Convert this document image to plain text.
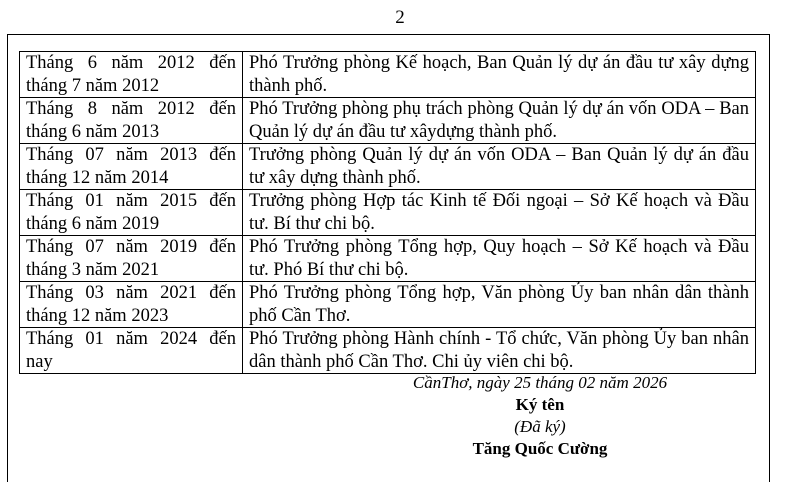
2
Tháng 6 năm 2012 đến tháng 7 năm 2012	Phó Trưởng phòng Kế hoạch, Ban Quản lý dự án đầu tư xây dựng thành phố.
Tháng 8 năm 2012 đến tháng 6 năm 2013	Phó Trưởng phòng phụ trách phòng Quản lý dự án vốn ODA – Ban Quản lý dự án đầu tư xâydựng thành phố.
Tháng 07 năm 2013 đến tháng 12 năm 2014	Trưởng phòng Quản lý dự án vốn ODA – Ban Quản lý dự án đầu tư xây dựng thành phố.
Tháng 01 năm 2015 đến tháng 6 năm 2019	Trưởng phòng Hợp tác Kinh tế Đối ngoại – Sở Kế hoạch và Đầu tư. Bí thư chi bộ.
Tháng 07 năm 2019 đến tháng 3 năm 2021	Phó Trưởng phòng Tổng hợp, Quy hoạch – Sở Kế hoạch và Đầu tư. Phó Bí thư chi bộ.
Tháng 03 năm 2021 đến tháng 12 năm 2023	Phó Trưởng phòng Tổng hợp, Văn phòng Ủy ban nhân dân thành phố Cần Thơ.
Tháng 01 năm 2024 đến nay	Phó Trưởng phòng Hành chính - Tổ chức, Văn phòng Ủy ban nhân dân thành phố Cần Thơ. Chi ủy viên chi bộ.
CầnThơ, ngày 25 tháng 02 năm 2026
Ký tên
(Đã ký)
Tăng Quốc Cường
